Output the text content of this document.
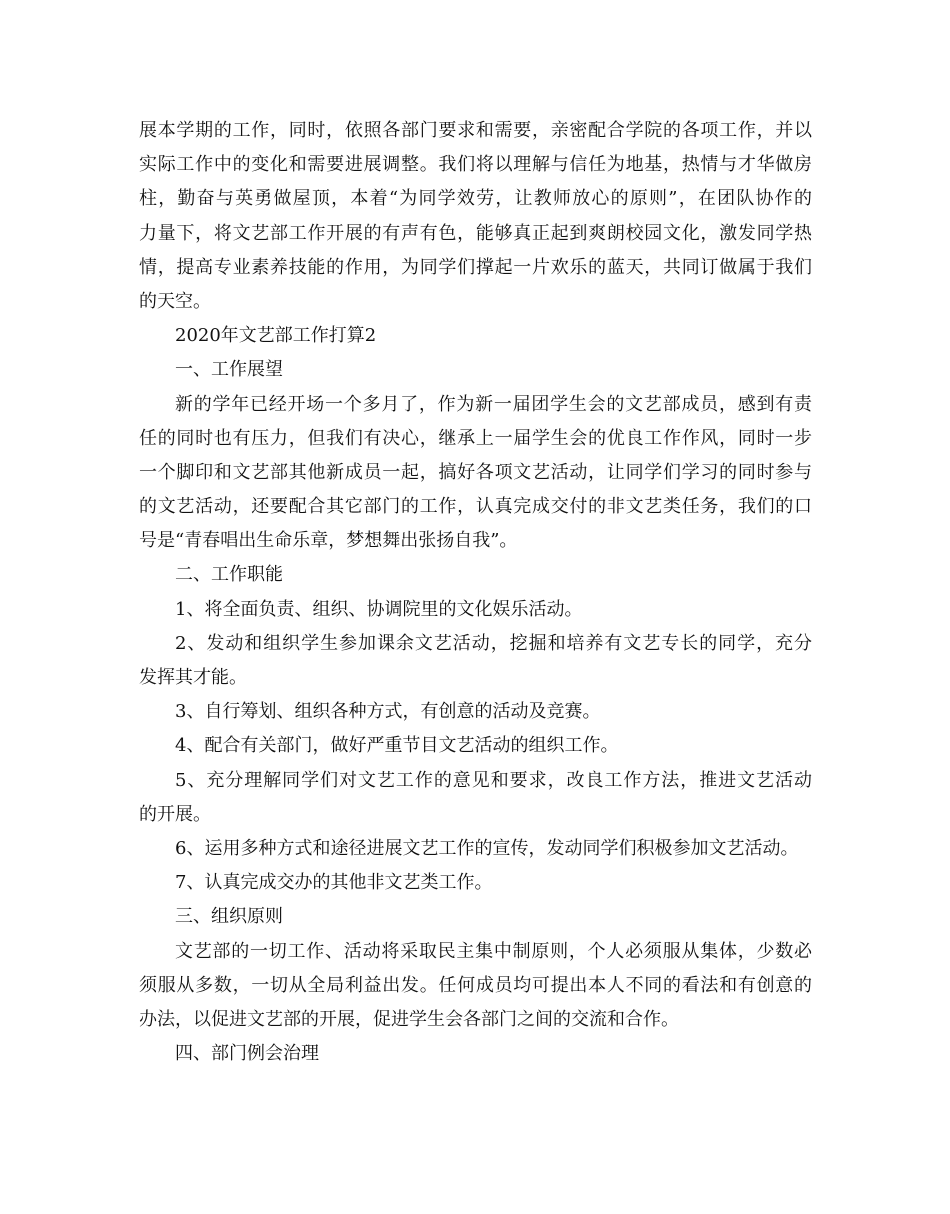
展本学期的工作，同时，依照各部门要求和需要，亲密配合学院的各项工作，并以
实际工作中的变化和需要进展调整。我们将以理解与信任为地基，热情与才华做房
柱，勤奋与英勇做屋顶，本着“为同学效劳，让教师放心的原则”，在团队协作的
力量下，将文艺部工作开展的有声有色，能够真正起到爽朗校园文化，激发同学热
情，提高专业素养技能的作用，为同学们撑起一片欢乐的蓝天，共同订做属于我们
的天空。
2020年文艺部工作打算2
一、工作展望
新的学年已经开场一个多月了，作为新一届团学生会的文艺部成员，感到有责
任的同时也有压力，但我们有决心，继承上一届学生会的优良工作作风，同时一步
一个脚印和文艺部其他新成员一起，搞好各项文艺活动，让同学们学习的同时参与
的文艺活动，还要配合其它部门的工作，认真完成交付的非文艺类任务，我们的口
号是“青春唱出生命乐章，梦想舞出张扬自我”。
二、工作职能
1、将全面负责、组织、协调院里的文化娱乐活动。
2、发动和组织学生参加课余文艺活动，挖掘和培养有文艺专长的同学，充分
发挥其才能。
3、自行筹划、组织各种方式，有创意的活动及竞赛。
4、配合有关部门，做好严重节目文艺活动的组织工作。
5、充分理解同学们对文艺工作的意见和要求，改良工作方法，推进文艺活动
的开展。
6、运用多种方式和途径进展文艺工作的宣传，发动同学们积极参加文艺活动。
7、认真完成交办的其他非文艺类工作。
三、组织原则
文艺部的一切工作、活动将采取民主集中制原则，个人必须服从集体，少数必
须服从多数，一切从全局利益出发。任何成员均可提出本人不同的看法和有创意的
办法，以促进文艺部的开展，促进学生会各部门之间的交流和合作。
四、部门例会治理
